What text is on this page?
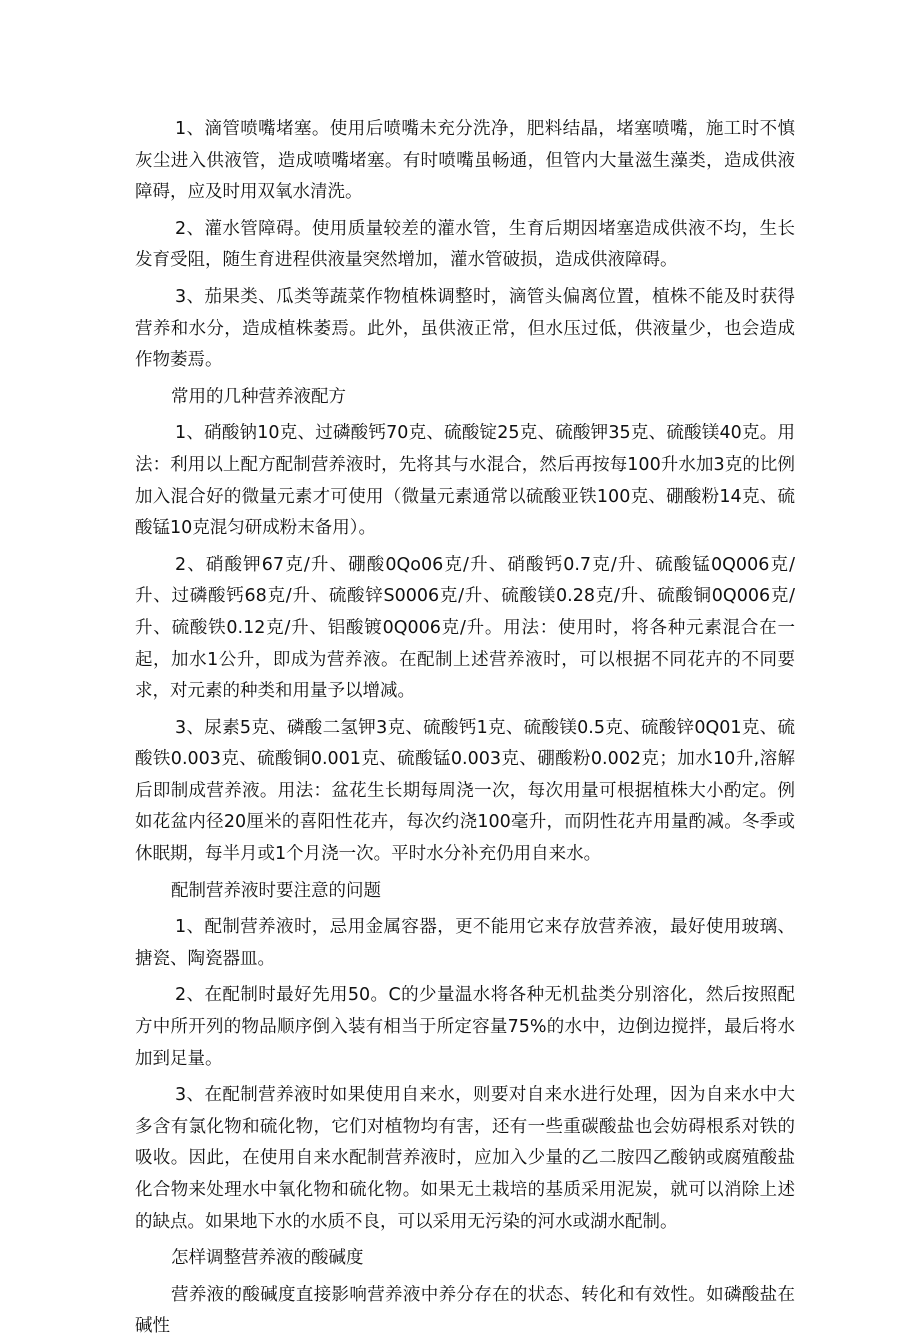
1、滴管喷嘴堵塞。使用后喷嘴未充分洗净，肥料结晶，堵塞喷嘴，施工时不慎灰尘进入供液管，造成喷嘴堵塞。有时喷嘴虽畅通，但管内大量滋生藻类，造成供液障碍，应及时用双氧水清洗。

2、灌水管障碍。使用质量较差的灌水管，生育后期因堵塞造成供液不均，生长发育受阻，随生育进程供液量突然增加，灌水管破损，造成供液障碍。

3、茄果类、瓜类等蔬菜作物植株调整时，滴管头偏离位置，植株不能及时获得营养和水分，造成植株萎焉。此外，虽供液正常，但水压过低，供液量少，也会造成作物萎焉。

常用的几种营养液配方

1、硝酸钠10克、过磷酸钙70克、硫酸锭25克、硫酸钾35克、硫酸镁40克。用法：利用以上配方配制营养液时，先将其与水混合，然后再按每100升水加3克的比例加入混合好的微量元素才可使用（微量元素通常以硫酸亚铁100克、硼酸粉14克、硫酸锰10克混匀研成粉末备用）。

2、硝酸钾67克/升、硼酸0Qo06克/升、硝酸钙0.7克/升、硫酸锰0Q006克/升、过磷酸钙68克/升、硫酸锌S0006克/升、硫酸镁0.28克/升、硫酸铜0Q006克/升、硫酸铁0.12克/升、铝酸镀0Q006克/升。用法：使用时，将各种元素混合在一起，加水1公升，即成为营养液。在配制上述营养液时，可以根据不同花卉的不同要求，对元素的种类和用量予以增减。

3、尿素5克、磷酸二氢钾3克、硫酸钙1克、硫酸镁0.5克、硫酸锌0Q01克、硫酸铁0.003克、硫酸铜0.001克、硫酸锰0.003克、硼酸粉0.002克；加水10升,溶解后即制成营养液。用法：盆花生长期每周浇一次，每次用量可根据植株大小酌定。例如花盆内径20厘米的喜阳性花卉，每次约浇100毫升，而阴性花卉用量酌减。冬季或休眠期，每半月或1个月浇一次。平时水分补充仍用自来水。

配制营养液时要注意的问题

1、配制营养液时，忌用金属容器，更不能用它来存放营养液，最好使用玻璃、搪瓷、陶瓷器皿。

2、在配制时最好先用50。C的少量温水将各种无机盐类分别溶化，然后按照配方中所开列的物品顺序倒入装有相当于所定容量75%的水中，边倒边搅拌，最后将水加到足量。

3、在配制营养液时如果使用自来水，则要对自来水进行处理，因为自来水中大多含有氯化物和硫化物，它们对植物均有害，还有一些重碳酸盐也会妨碍根系对铁的吸收。因此，在使用自来水配制营养液时，应加入少量的乙二胺四乙酸钠或腐殖酸盐化合物来处理水中氧化物和硫化物。如果无土栽培的基质采用泥炭，就可以消除上述的缺点。如果地下水的水质不良，可以采用无污染的河水或湖水配制。

怎样调整营养液的酸碱度

营养液的酸碱度直接影响营养液中养分存在的状态、转化和有效性。如磷酸盐在碱性
